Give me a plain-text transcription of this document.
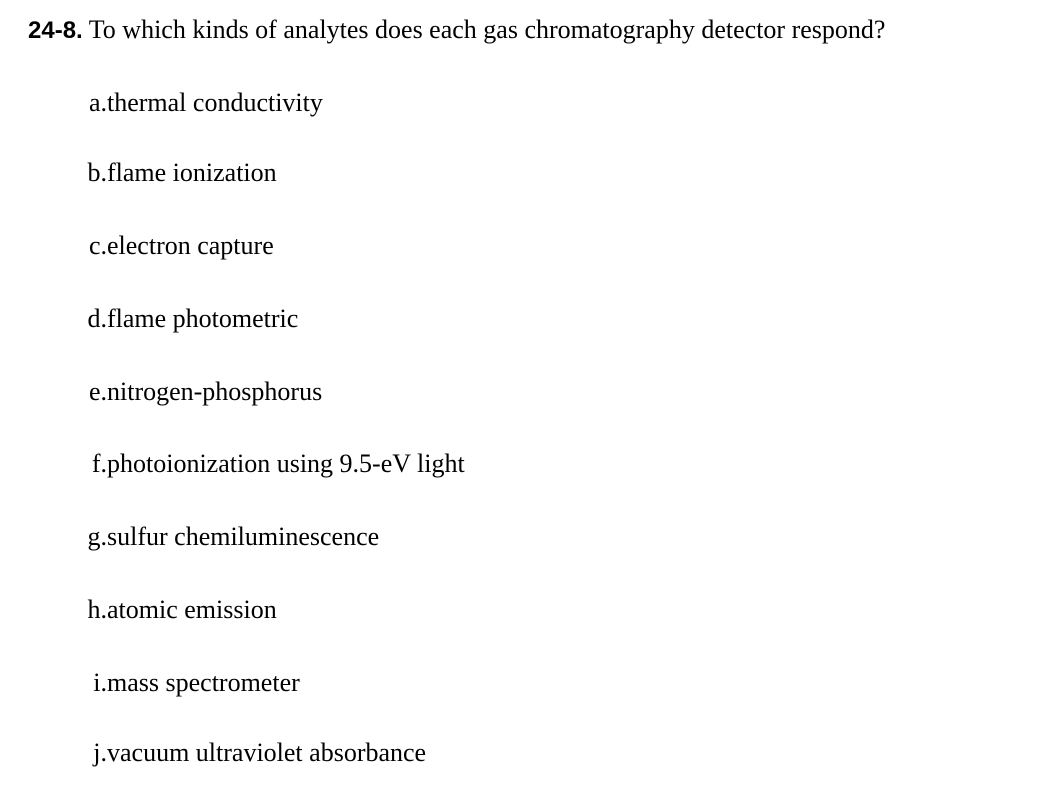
24-8. To which kinds of analytes does each gas chromatography detector respond?
a.thermal conductivity
b.flame ionization
c.electron capture
d.flame photometric
e.nitrogen-phosphorus
f.photoionization using 9.5-eV light
g.sulfur chemiluminescence
h.atomic emission
i.mass spectrometer
j.vacuum ultraviolet absorbance
